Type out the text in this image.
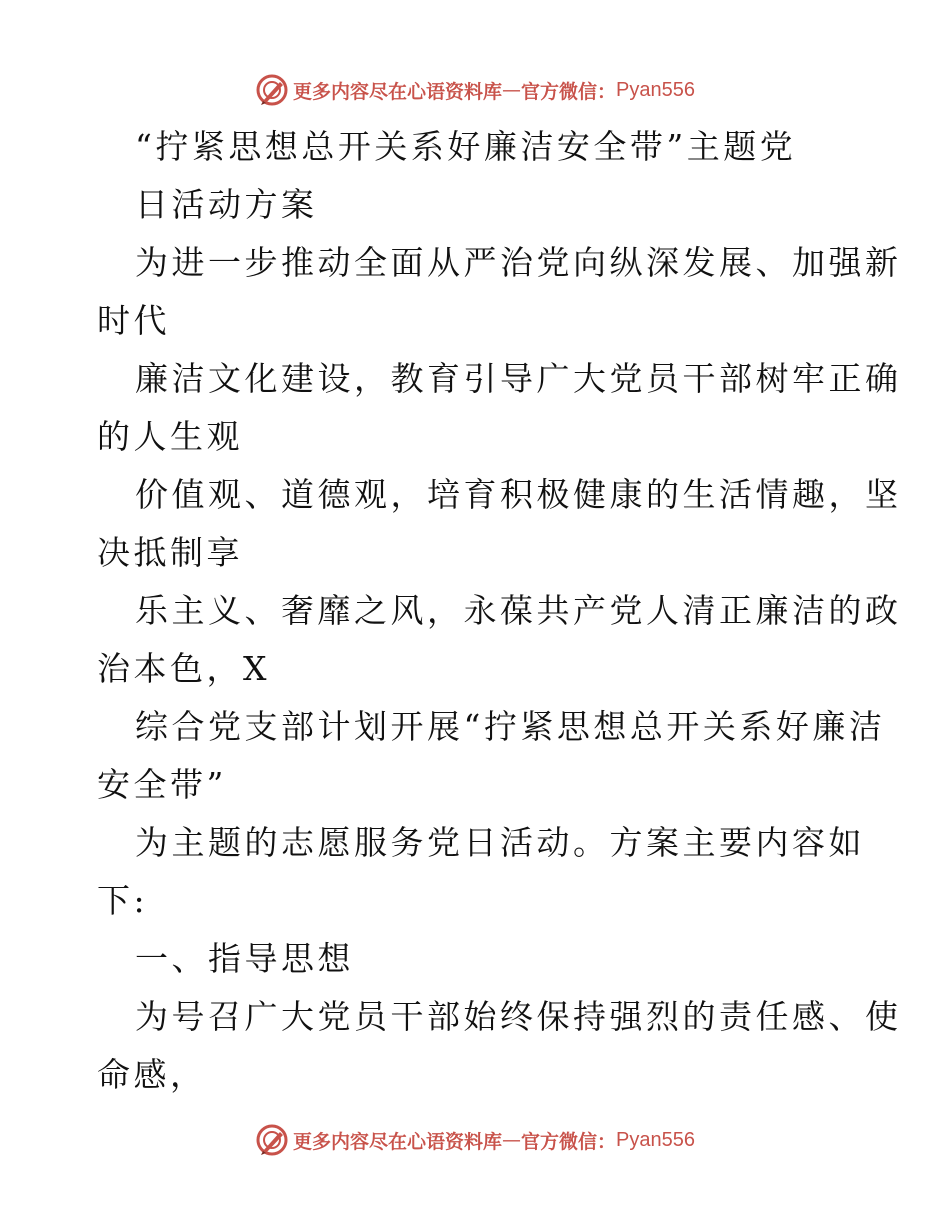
更多内容尽在心语资料库 — 官方微信： Pyan556
“拧紧思想总开关系好廉洁安全带”主题党
日活动方案
为进一步推动全面从严治党向纵深发展、加强新
时代
廉洁文化建设，教育引导广大党员干部树牢正确
的人生观
价值观、道德观，培育积极健康的生活情趣，坚
决抵制享
乐主义、奢靡之风，永葆共产党人清正廉洁的政
治本色，X
综合党支部计划开展“拧紧思想总开关系好廉洁
安全带”
为主题的志愿服务党日活动。方案主要内容如
下:
一、指导思想
为号召广大党员干部始终保持强烈的责任感、使
命感，
更多内容尽在心语资料库 — 官方微信： Pyan556
